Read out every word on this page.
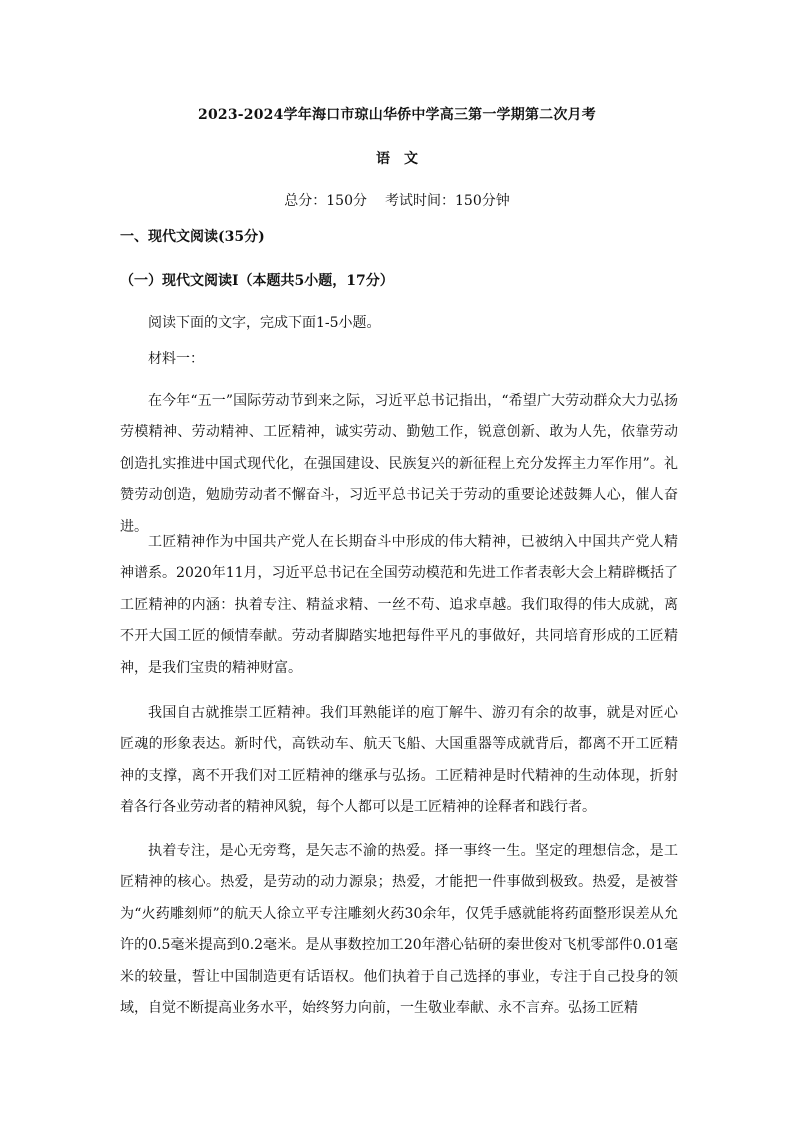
2023-2024学年海口市琼山华侨中学高三第一学期第二次月考
语文
总分：150分 考试时间：150分钟
一、现代文阅读(35分)
（一）现代文阅读Ⅰ（本题共5小题，17分）
阅读下面的文字，完成下面1-5小题。
材料一：

在今年“五一”国际劳动节到来之际，习近平总书记指出，“希望广大劳动群众大力弘扬劳模精神、劳动精神、工匠精神，诚实劳动、勤勉工作，锐意创新、敢为人先，依靠劳动创造扎实推进中国式现代化，在强国建设、民族复兴的新征程上充分发挥主力军作用”。礼赞劳动创造，勉励劳动者不懈奋斗，习近平总书记关于劳动的重要论述鼓舞人心，催人奋进。

工匠精神作为中国共产党人在长期奋斗中形成的伟大精神，已被纳入中国共产党人精神谱系。2020年11月，习近平总书记在全国劳动模范和先进工作者表彰大会上精辟概括了工匠精神的内涵：执着专注、精益求精、一丝不苟、追求卓越。我们取得的伟大成就，离不开大国工匠的倾情奉献。劳动者脚踏实地把每件平凡的事做好，共同培育形成的工匠精神，是我们宝贵的精神财富。

我国自古就推崇工匠精神。我们耳熟能详的庖丁解牛、游刃有余的故事，就是对匠心匠魂的形象表达。新时代，高铁动车、航天飞船、大国重器等成就背后，都离不开工匠精神的支撑，离不开我们对工匠精神的继承与弘扬。工匠精神是时代精神的生动体现，折射着各行各业劳动者的精神风貌，每个人都可以是工匠精神的诠释者和践行者。

执着专注，是心无旁骛，是矢志不渝的热爱。择一事终一生。坚定的理想信念，是工匠精神的核心。热爱，是劳动的动力源泉；热爱，才能把一件事做到极致。热爱，是被誉为“火药雕刻师”的航天人徐立平专注雕刻火药30余年，仅凭手感就能将药面整形误差从允许的0.5毫米提高到0.2毫米。是从事数控加工20年潜心钻研的秦世俊对飞机零部件0.01毫米的较量，誓让中国制造更有话语权。他们执着于自己选择的事业，专注于自己投身的领域，自觉不断提高业务水平，始终努力向前，一生敬业奉献、永不言弃。弘扬工匠精
